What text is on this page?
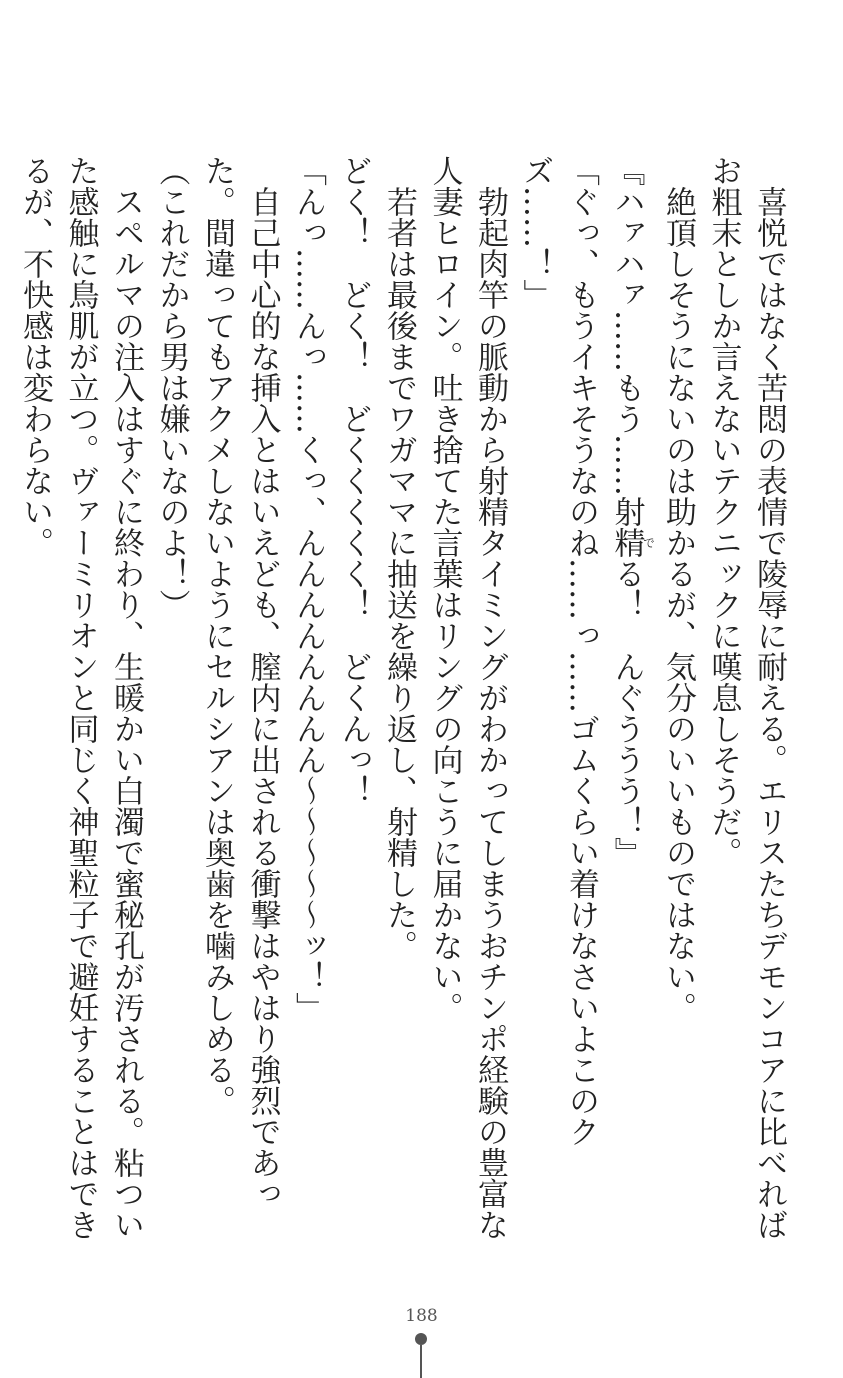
喜悦ではなく苦悶の表情で陵辱に耐える。エリスたちデモンコアに比べればお粗末としか言えないテクニックに嘆息しそうだ。

絶頂しそうにないのは助かるが、気分のいいものではない。

『ハァハァ……もう……射精でる！　んぐううう！』

「ぐっ、もうイキそうなのね……っ……ゴムくらい着けなさいよこのクズ……！」

勃起肉竿の脈動から射精タイミングがわかってしまうおチンポ経験の豊富な人妻ヒロイン。吐き捨てた言葉はリングの向こうに届かない。

若者は最後までワガママに抽送を繰り返し、射精した。

どく！　どく！　どくくくくく！　どくんっ！

「んっ……んっ……くっ、んんんんんんんん～～～～～ッ！」

自己中心的な挿入とはいえども、膣内に出される衝撃はやはり強烈であった。間違ってもアクメしないようにセルシアンは奥歯を噛みしめる。

（これだから男は嫌いなのよ！）

スペルマの注入はすぐに終わり、生暖かい白濁で蜜秘孔が汚される。粘ついた感触に鳥肌が立つ。ヴァーミリオンと同じく神聖粒子で避妊することはできるが、不快感は変わらない。

188
